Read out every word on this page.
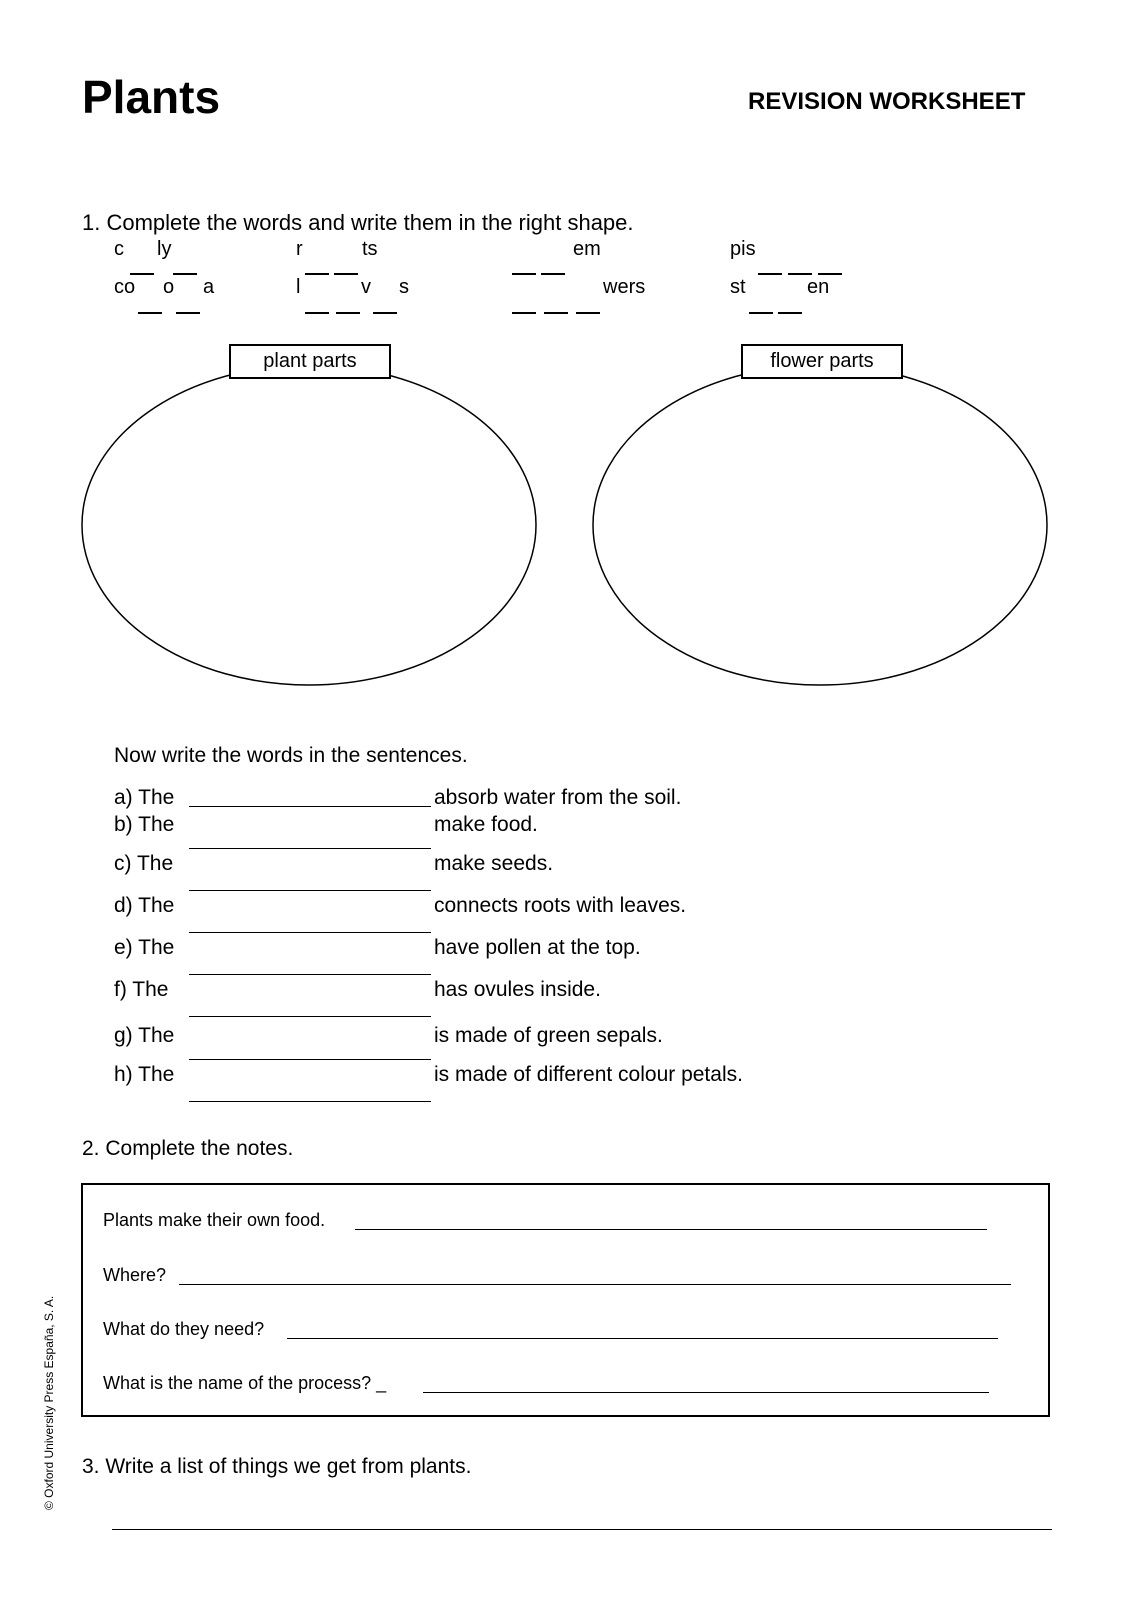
Plants	REVISION WORKSHEET
1. Complete the words and write them in the right shape.
c ly	r	ts	em	pis
co o a	l	v s	wers	st	en
plant parts	flower parts
Now write the words in the sentences.
a) The	absorb water from the soil.
b) The	make food.
c) The	make seeds.
d) The	connects roots with leaves.
e) The	have pollen at the top.
f) The	has ovules inside.
g) The	is made of green sepals.
h) The	is made of different colour petals.
2. Complete the notes.
Plants make their own food.
Where?
What do they need?
What is the name of the process? _
3. Write a list of things we get from plants.
© Oxford University Press España, S. A.
